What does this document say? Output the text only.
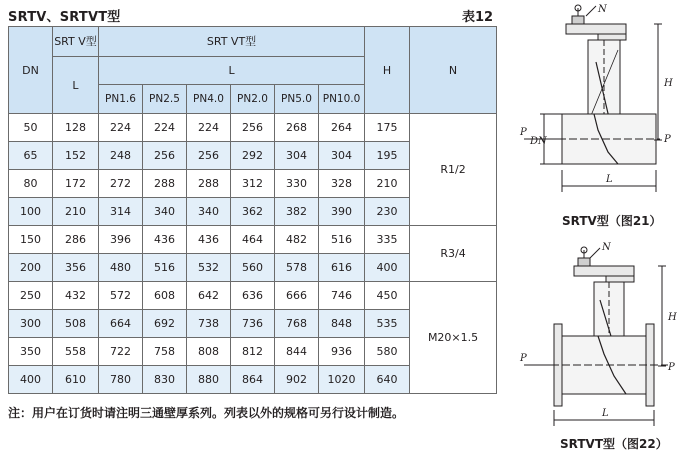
SRTV、SRTVT型	表12
DN	SRT V型	SRT VT型						H	N
	L	L							
		PN1.6	PN2.5	PN4.0	PN2.0	PN5.0	PN10.0		
50	128	224	224	224	256	268	264	175	R1/2
65	152	248	256	256	292	304	304	195	
80	172	272	288	288	312	330	328	210	
100	210	314	340	340	362	382	390	230	
150	286	396	436	436	464	482	516	335	R3/4
200	356	480	516	532	560	578	616	400	
250	432	572	608	642	636	666	746	450	M20×1.5
300	508	664	692	738	736	768	848	535	
350	558	722	758	808	812	844	936	580	
400	610	780	830	880	864	902	1020	640	
注：用户在订货时请注明三通壁厚系列。列表以外的规格可另行设计制造。
N
H
P
P
DN
L
SRTV型（图21）
N
H
P
P
L
SRTVT型（图22）
